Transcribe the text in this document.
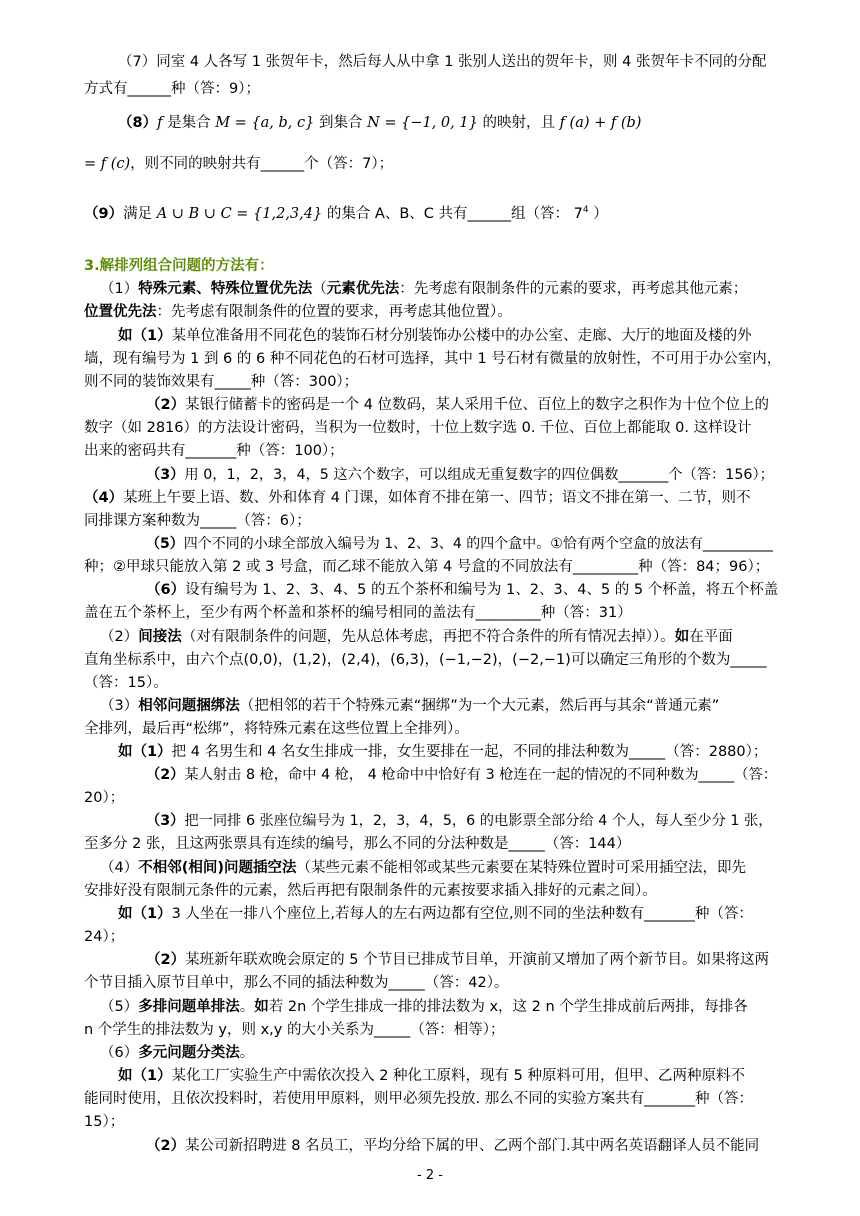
（7）同室 4 人各写 1 张贺年卡，然后每人从中拿 1 张别人送出的贺年卡，则 4 张贺年卡不同的分配
方式有______种（答：9）；
（8）f 是集合 M = {a, b, c} 到集合 N = {−1, 0, 1} 的映射，且 f (a) + f (b)
= f (c)，则不同的映射共有______个（答：7）；
（9）满足 A ∪ B ∪ C = {1,2,3,4} 的集合 A、B、C 共有______组（答： $7^4$ ）
3.解排列组合问题的方法有：
（1）特殊元素、特殊位置优先法（元素优先法：先考虑有限制条件的元素的要求，再考虑其他元素；
位置优先法：先考虑有限制条件的位置的要求，再考虑其他位置）。
如（1）某单位准备用不同花色的装饰石材分别装饰办公楼中的办公室、走廊、大厅的地面及楼的外
墙，现有编号为 1 到 6 的 6 种不同花色的石材可选择，其中 1 号石材有微量的放射性，不可用于办公室内，
则不同的装饰效果有_____种（答：300）；
（2）某银行储蓄卡的密码是一个 4 位数码，某人采用千位、百位上的数字之积作为十位个位上的
数字（如 2816）的方法设计密码，当积为一位数时，十位上数字选 0. 千位、百位上都能取 0. 这样设计
出来的密码共有_______种（答：100）；
（3）用 0，1，2，3，4，5 这六个数字，可以组成无重复数字的四位偶数_______个（答：156）；
（4）某班上午要上语、数、外和体育 4 门课，如体育不排在第一、四节；语文不排在第一、二节，则不
同排课方案种数为_____（答：6）；
（5）四个不同的小球全部放入编号为 1、2、3、4 的四个盒中。①恰有两个空盒的放法有__________
种；②甲球只能放入第 2 或 3 号盒，而乙球不能放入第 4 号盒的不同放法有_________种（答：84；96）；
（6）设有编号为 1、2、3、4、5 的五个茶杯和编号为 1、2、3、4、5 的 5 个杯盖，将五个杯盖
盖在五个茶杯上，至少有两个杯盖和茶杯的编号相同的盖法有_________种（答：31）
（2）间接法（对有限制条件的问题，先从总体考虑，再把不符合条件的所有情况去掉））。如在平面
直角坐标系中，由六个点(0,0)，(1,2)，(2,4)，(6,3)，(−1,−2)，(−2,−1)可以确定三角形的个数为_____
（答：15）。
（3）相邻问题捆绑法（把相邻的若干个特殊元素“捆绑”为一个大元素，然后再与其余“普通元素”
全排列，最后再“松绑”，将特殊元素在这些位置上全排列）。
如（1）把 4 名男生和 4 名女生排成一排，女生要排在一起，不同的排法种数为_____（答：2880）；
（2）某人射击 8 枪，命中 4 枪， 4 枪命中中恰好有 3 枪连在一起的情况的不同种数为_____（答：
20）；
（3）把一同排 6 张座位编号为 1，2，3，4，5，6 的电影票全部分给 4 个人，每人至少分 1 张，
至多分 2 张，且这两张票具有连续的编号，那么不同的分法种数是_____（答：144）
（4）不相邻(相间)问题插空法（某些元素不能相邻或某些元素要在某特殊位置时可采用插空法，即先
安排好没有限制元条件的元素，然后再把有限制条件的元素按要求插入排好的元素之间）。
如（1）3 人坐在一排八个座位上,若每人的左右两边都有空位,则不同的坐法种数有_______种（答：
24）；
（2）某班新年联欢晚会原定的 5 个节目已排成节目单，开演前又增加了两个新节目。如果将这两
个节目插入原节目单中，那么不同的插法种数为_____（答：42）。
（5）多排问题单排法。如若 2n 个学生排成一排的排法数为 x，这 2 n 个学生排成前后两排，每排各
n 个学生的排法数为 y，则 x,y 的大小关系为_____（答：相等）；
（6）多元问题分类法。
如（1）某化工厂实验生产中需依次投入 2 种化工原料，现有 5 种原料可用，但甲、乙两种原料不
能同时使用，且依次投料时，若使用甲原料，则甲必须先投放. 那么不同的实验方案共有_______种（答：
15）；
（2）某公司新招聘进 8 名员工，平均分给下属的甲、乙两个部门.其中两名英语翻译人员不能同
- 2 -
